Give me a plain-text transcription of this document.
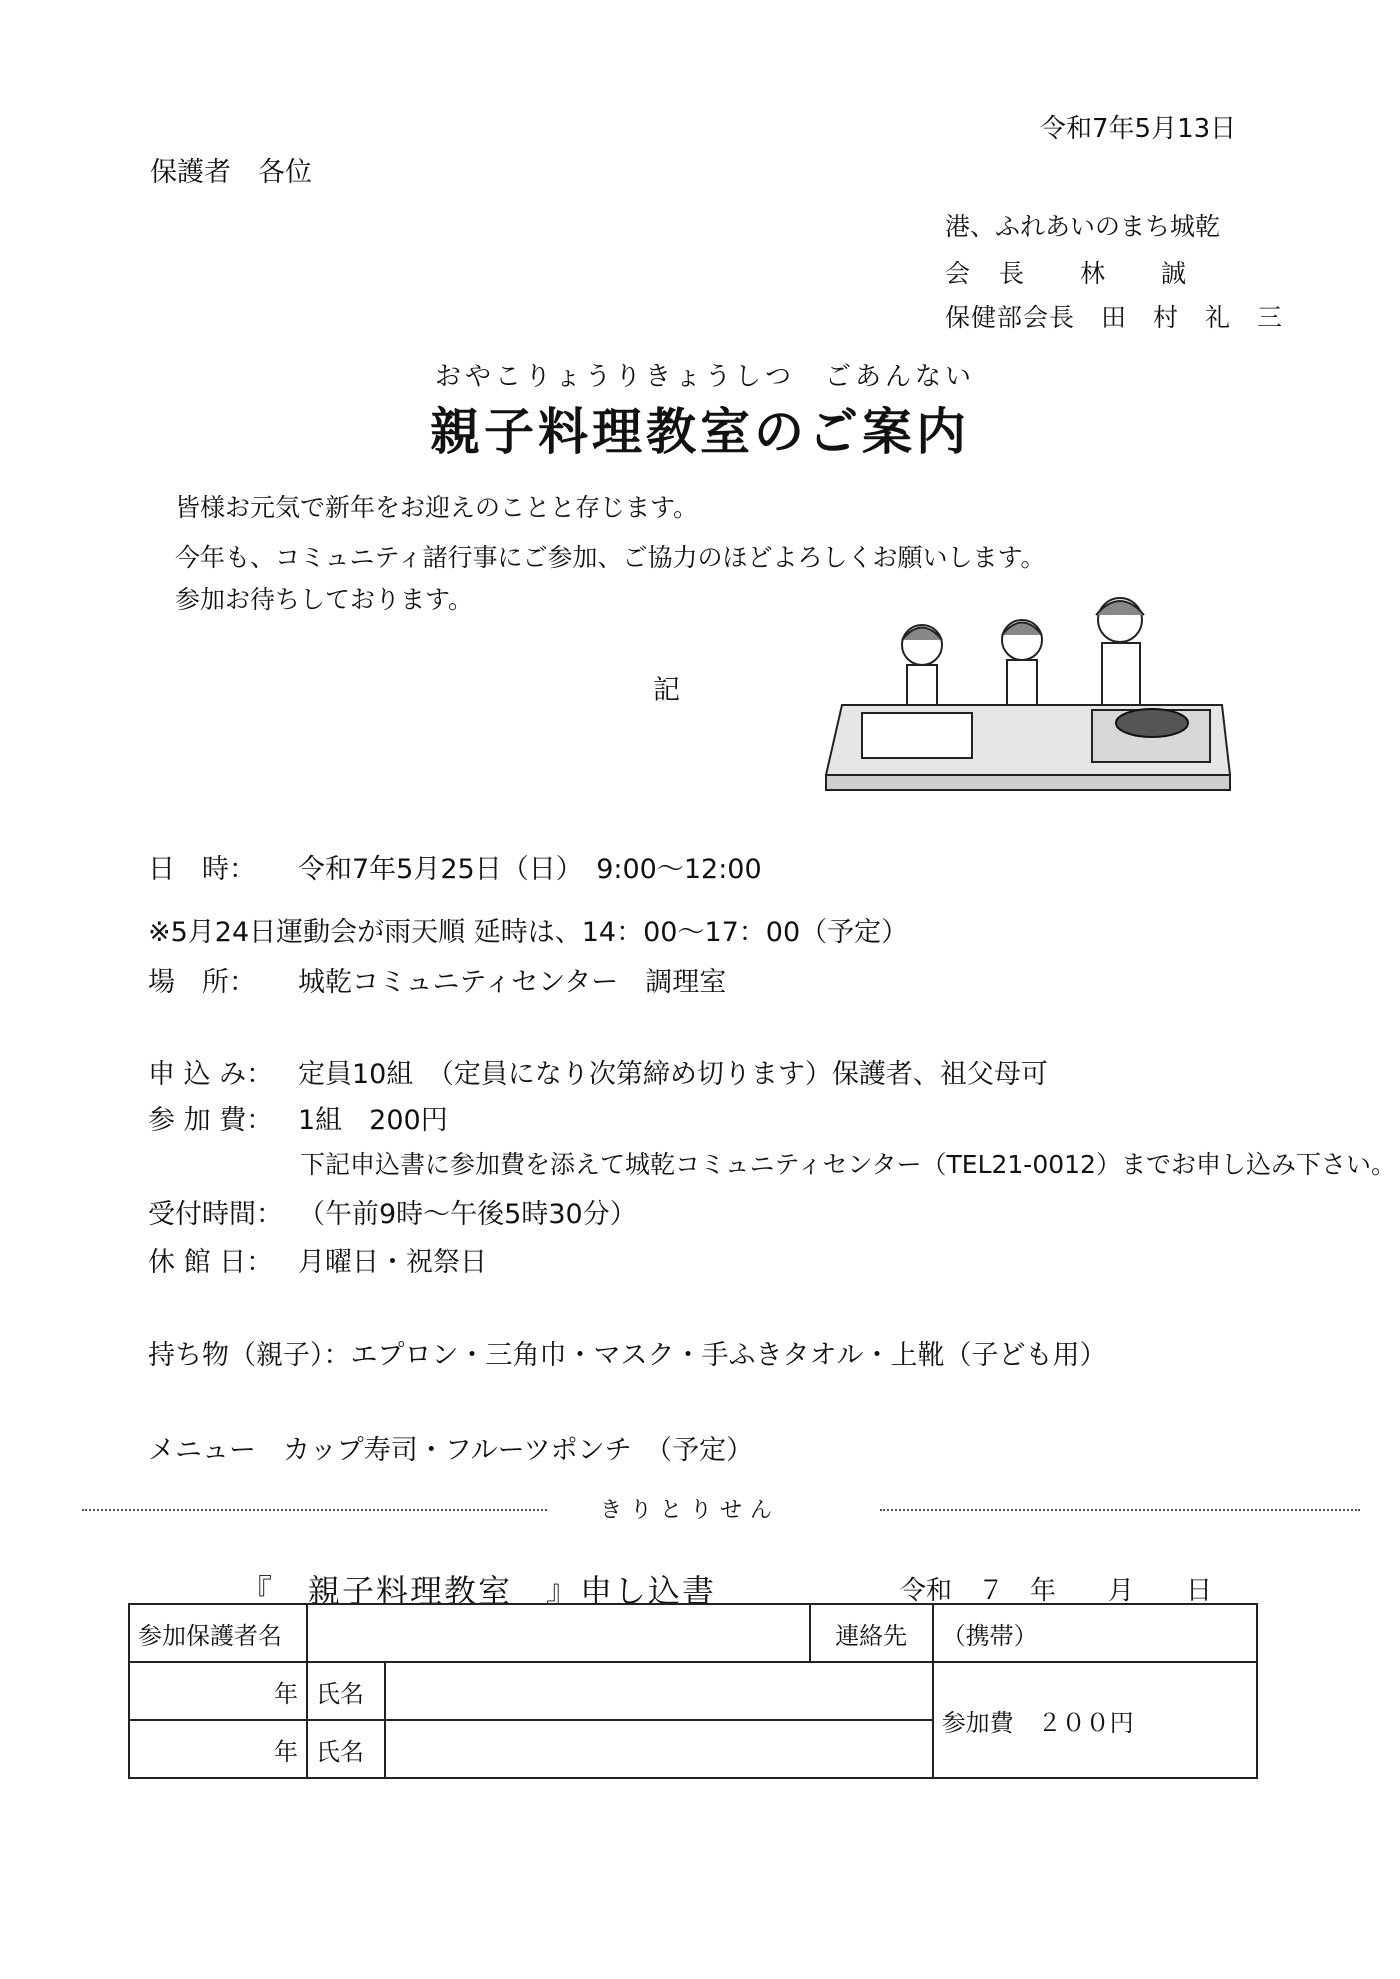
令和7年5月13日
保護者　各位
港、ふれあいのまち城乾
会　長　　林　　誠
保健部会長　田　村　礼　三
おやこりょうりきょうしつ　ごあんない
親子料理教室のご案内
皆様お元気で新年をお迎えのことと存じます。
今年も、コミュニティ諸行事にご参加、ご協力のほどよろしくお願いします。
参加お待ちしております。
記
日　時： 令和7年5月25日（日）　9:00～12:00
※5月24日運動会が雨天順 延時は、14：00～17：00（予定）
場　所： 城乾コミュニティセンター　調理室
申 込 み： 定員10組　（定員になり次第締め切ります）保護者、祖父母可
参 加 費： 1組　200円
下記申込書に参加費を添えて城乾コミュニティセンター（TEL21-0012）までお申し込み下さい。
受付時間： （午前9時～午後5時30分）
休 館 日： 月曜日・祝祭日
持ち物（親子）：エプロン・三角巾・マスク・手ふきタオル・上靴（子ども用）
メニュー　カップ寿司・フルーツポンチ　（予定）
きりとりせん
『　親子料理教室　』申し込書	令和　７　年　　月　　日
参加保護者名			連絡先	（携帯）
年	氏名			参加費　２００円
年	氏名			
